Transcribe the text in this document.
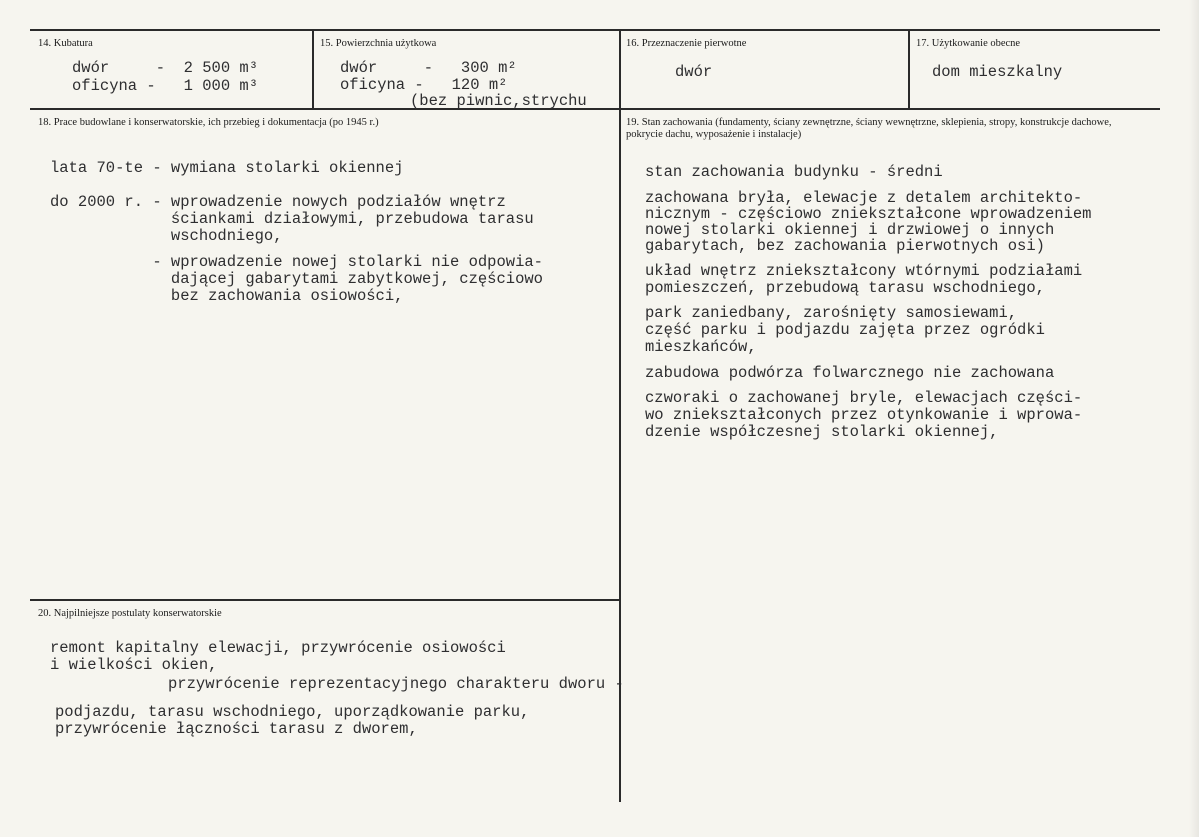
14. Kubatura
dwór     -  2 500 m³
oficyna -   1 000 m³
15. Powierzchnia użytkowa
dwór     -   300 m²
oficyna -   120 m²
(bez piwnic,strychu
16. Przeznaczenie pierwotne
dwór
17. Użytkowanie obecne
dom mieszkalny
18. Prace budowlane i konserwatorskie, ich przebieg i dokumentacja (po 1945 r.)
lata 70-te - wymiana stolarki okiennej
do 2000 r. - wprowadzenie nowych podziałów wnętrz
ściankami działowymi, przebudowa tarasu
wschodniego,
- wprowadzenie nowej stolarki nie odpowia-
dającej gabarytami zabytkowej, częściowo
bez zachowania osiowości,
19. Stan zachowania (fundamenty, ściany zewnętrzne, ściany wewnętrzne, sklepienia, stropy, konstrukcje dachowe,
pokrycie dachu, wyposażenie i instalacje)
stan zachowania budynku - średni
zachowana bryła, elewacje z detalem architekto-
nicznym - częściowo zniekształcone wprowadzeniem
nowej stolarki okiennej i drzwiowej o innych
gabarytach, bez zachowania pierwotnych osi)
układ wnętrz zniekształcony wtórnymi podziałami
pomieszczeń, przebudową tarasu wschodniego,
park zaniedbany, zarośnięty samosiewami,
część parku i podjazdu zajęta przez ogródki
mieszkańców,
zabudowa podwórza folwarcznego nie zachowana
czworaki o zachowanej bryle, elewacjach części-
wo zniekształconych przez otynkowanie i wprowa-
dzenie współczesnej stolarki okiennej,
20. Najpilniejsze postulaty konserwatorskie
remont kapitalny elewacji, przywrócenie osiowości
i wielkości okien,
przywrócenie reprezentacyjnego charakteru dworu -
podjazdu, tarasu wschodniego, uporządkowanie parku,
przywrócenie łączności tarasu z dworem,
